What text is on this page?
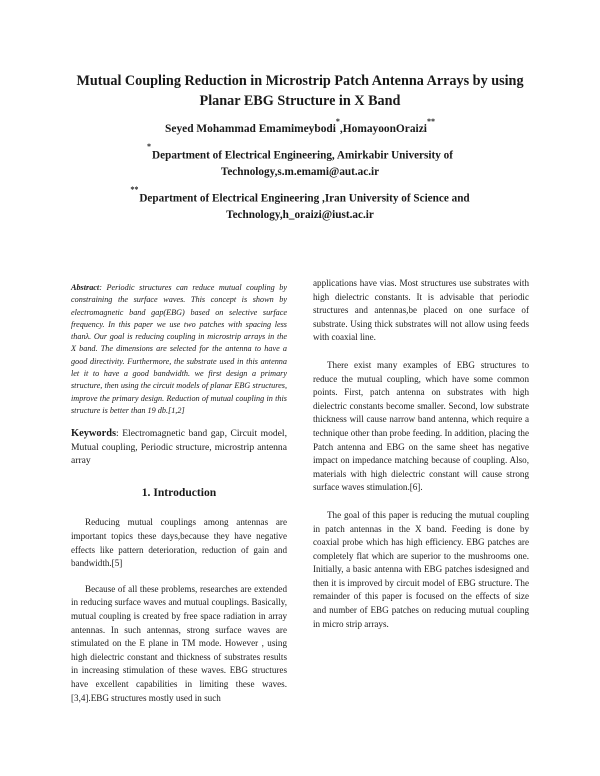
Mutual Coupling Reduction in Microstrip Patch Antenna Arrays by using
Planar EBG Structure in X Band
Seyed Mohammad Emamimeybodi*,HomayoonOraizi**
*Department of Electrical Engineering, Amirkabir University of
Technology,s.m.emami@aut.ac.ir
**Department of Electrical Engineering ,Iran University of Science and
Technology,h_oraizi@iust.ac.ir

Abstract: Periodic structures can reduce mutual coupling by constraining the surface waves. This concept is shown by electromagnetic band gap(EBG) based on selective surface frequency. In this paper we use two patches with spacing less thanλ. Our goal is reducing coupling in microstrip arrays in the X band. The dimensions are selected for the antenna to have a good directivity. Furthermore, the substrate used in this antenna let it to have a good bandwidth. we first design a primary structure, then using the circuit models of planar EBG structures, improve the primary design. Reduction of mutual coupling in this structure is better than 19 db.[1,2]

Keywords: Electromagnetic band gap, Circuit model, Mutual coupling, Periodic structure, microstrip antenna array

1. Introduction

Reducing mutual couplings among antennas are important topics these days,because they have negative effects like pattern deterioration, reduction of gain and bandwidth.[5]

Because of all these problems, researches are extended in reducing surface waves and mutual couplings. Basically, mutual coupling is created by free space radiation in array antennas. In such antennas, strong surface waves are stimulated on the E plane in TM mode. However , using high dielectric constant and thickness of substrates results in increasing stimulation of these waves. EBG structures have excellent capabilities in limiting these waves.[3,4].EBG structures mostly used in such

applications have vias. Most structures use substrates with high dielectric constants. It is advisable that periodic structures and antennas,be placed on one surface of substrate. Using thick substrates will not allow using feeds with coaxial line.

There exist many examples of EBG structures to reduce the mutual coupling, which have some common points. First, patch antenna on substrates with high dielectric constants become smaller. Second, low substrate thickness will cause narrow band antenna, which require a technique other than probe feeding. In addition, placing the Patch antenna and EBG on the same sheet has negative impact on impedance matching because of coupling. Also, materials with high dielectric constant will cause strong surface waves stimulation.[6].

The goal of this paper is reducing the mutual coupling in patch antennas in the X band. Feeding is done by coaxial probe which has high efficiency. EBG patches are completely flat which are superior to the mushrooms one. Initially, a basic antenna with EBG patches isdesigned and then it is improved by circuit model of EBG structure. The remainder of this paper is focused on the effects of size and number of EBG patches on reducing mutual coupling in micro strip arrays.
